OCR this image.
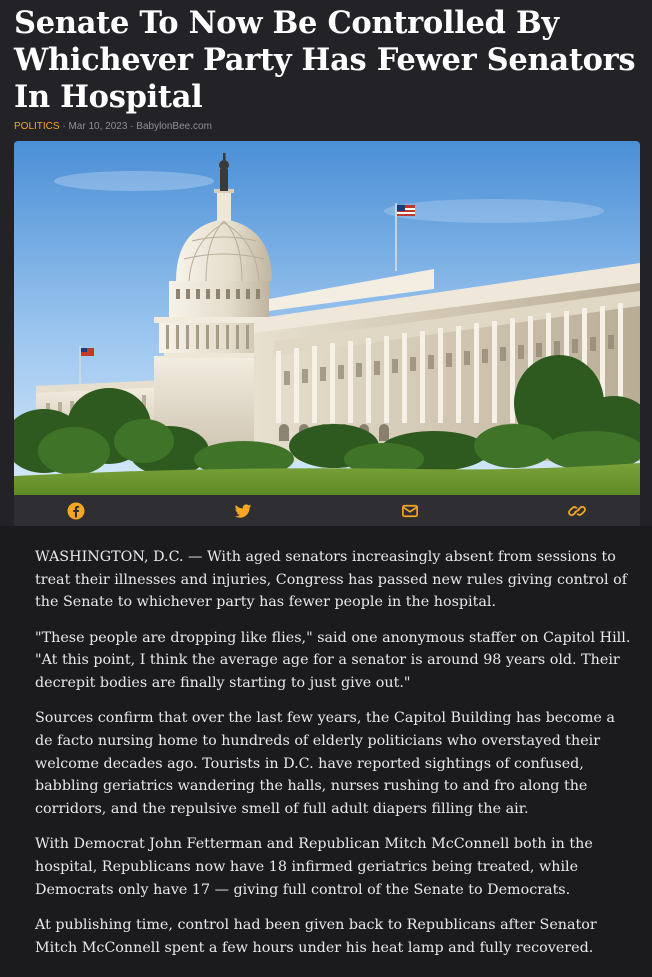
Senate To Now Be Controlled By Whichever Party Has Fewer Senators In Hospital
POLITICS · Mar 10, 2023 · BabylonBee.com

WASHINGTON, D.C. — With aged senators increasingly absent from sessions to treat their illnesses and injuries, Congress has passed new rules giving control of the Senate to whichever party has fewer people in the hospital.

"These people are dropping like flies," said one anonymous staffer on Capitol Hill. "At this point, I think the average age for a senator is around 98 years old. Their decrepit bodies are finally starting to just give out."

Sources confirm that over the last few years, the Capitol Building has become a de facto nursing home to hundreds of elderly politicians who overstayed their welcome decades ago. Tourists in D.C. have reported sightings of confused, babbling geriatrics wandering the halls, nurses rushing to and fro along the corridors, and the repulsive smell of full adult diapers filling the air.

With Democrat John Fetterman and Republican Mitch McConnell both in the hospital, Republicans now have 18 infirmed geriatrics being treated, while Democrats only have 17 — giving full control of the Senate to Democrats.

At publishing time, control had been given back to Republicans after Senator Mitch McConnell spent a few hours under his heat lamp and fully recovered.
